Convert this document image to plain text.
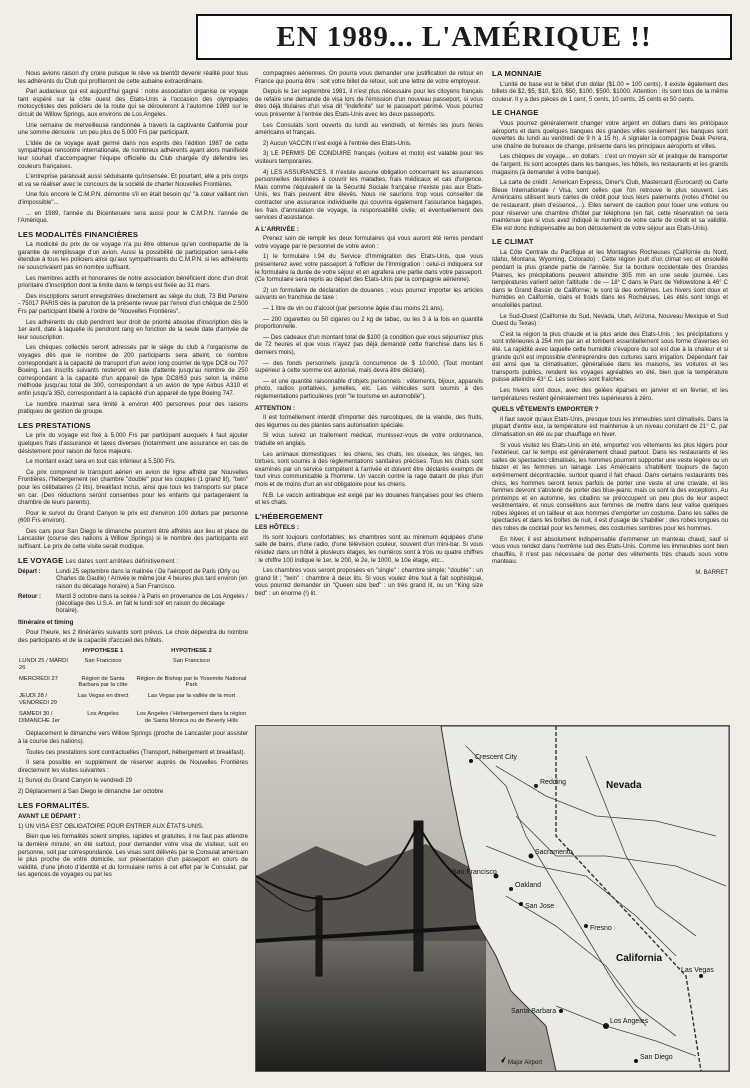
EN 1989... L'AMÉRIQUE !!

Nous avions raison d'y croire puisque le rêve va bientôt devenir réalité pour tous les adhérents du Club qui profiteront de cette aubaine extraordinaire.

Pari audacieux qui est aujourd'hui gagné : notre association organise ce voyage tant espéré sur la côte ouest des Etats-Unis à l'occasion des olympiades motocyclistes des policiers de la route qui se dérouleront à l'automne 1989 sur le circuit de Willow Springs, aux environs de Los Angeles.

Une semaine de merveilleuse randonnée à travers la captivante Californie pour une somme dérisoire : un peu plus de 5.000 Frs par participant.

L'idée de ce voyage avait germé dans nos esprits dès l'édition 1987 de cette sympathique rencontre internationale, de nombreux adhérents ayant alors manifesté leur souhait d'accompagner l'équipe officielle du Club chargée d'y défendre les couleurs françaises.

L'entreprise paraissait aussi séduisante qu'insensée. Et pourtant, elle a pris corps et va se réaliser avec le concours de la société de charter Nouvelles Frontières.

Une fois encore le C.M.P.N. démontre s'il en était besoin qu' "à cœur vaillant rien d'impossible"...

... en 1989, l'année du Bicentenaire sera aussi pour le C.M.P.N. l'année de l'Amérique.

LES MODALITÉS FINANCIÈRES

La modicité du prix de ce voyage n'a pu être obtenue qu'en contrepartie de la garantie de remplissage d'un avion. Aussi la possibilité de participation sera-t-elle étendue à tous les policiers ainsi qu'aux sympathisants du C.M.P.N. si les adhérents ne souscrivaient pas en nombre suffisant.

Les membres actifs et honoraires de notre association bénéficient donc d'un droit prioritaire d'inscription dont la limite dans le temps est fixée au 31 mars.

Des inscriptions seront enregistrées directement au siège du club, 73 Bld Pereire - 75017 PARIS dès la parution de la présente revue par l'envoi d'un chèque de 2.500 Frs par participant libellé à l'ordre de "Nouvelles Frontières".

Les adhérents du club pendront leur droit de priorité absolue d'inscription dès le 1er avril, date à laquelle ils pendront rang en fonction de la seule date d'arrivée de leur souscription.

Les chèques collectés seront adressés par le siège du club à l'organisme de voyages dès que le nombre de 200 participants sera atteint, ce nombre correspondant à la capacité de transport d'un avion long courrier de type DC8 ou 707 Boeing. Les inscrits suivants resteront en liste d'attente jusqu'au nombre de 250 correspondant à la capacité d'un appareil de type DC8/63 puis selon la même méthode jusqu'au total de 300, correspondant à un avion de type Airbus A310 et enfin jusqu'à 350, correspondant à la capacité d'un appareil de type Boeing 747.

Le nombre maximal sera limité à environ 400 personnes pour des raisons pratiques de gestion de groupe.

LES PRESTATIONS

Le prix du voyage est fixé à 5.000 Frs par participant auxquels il faut ajouter quelques frais d'assurance et taxes diverses (notamment une assurance en cas de désistement pour raison de force majeure.

Le montant exact sera en tout cas inférieur à 5.500 Frs.

Ce prix comprend le transport aérien en avion de ligne affrété par Nouvelles Frontières, l'hébergement (en chambre "double" pour les couples (1 grand lit), "twin" pour les célibataires (2 lits), breakfast inclus, ainsi que tous les transports sur place en car. (Des réductions seront consenties pour les enfants qui partageraient la chambre de leurs parents).

Pour le survol du Grand Canyon le prix est d'environ 100 dollars par personne (600 Frs environ).

Des cars pour San Diego le dimanche pourront être affrétés aux lieu et place de Lancaster (course des nations à Willow Springs) si le nombre des participants est suffisant. Le prix de cette visite serait modique.

LE VOYAGE Les dates sont arrêtées définitivement :
Départ :	Lundi 25 septembre dans la matinée / De l'aéroport de Paris (Orly ou Charles de Gaulle) / Arrivée le même jour 4 heures plus tard environ (en raison du décalage horaire) à San Francisco.
Retour :	Mardi 3 octobre dans la soirée / à Paris en provenance de Los Angeles / (décollage des U.S.A. en fait le lundi soir en raison du décalage horaire).
Itinéraire et timing

Pour l'heure, les 2 itinéraires suivants sont prévus. Le choix dépendra du nombre des participants et de la capacité d'accueil des hôtels.

	HYPOTHESE 1	HYPOTHESE 2
LUNDI 25 / MARDI 26	San Francisco	San Francisco
MERCREDI 27	Région de Santa Barbara par la côte	Région de Bishop par le Yosemite National Park
JEUDI 28 / VENDREDI 29	Las Vegas en direct	Las Vegas par la vallée de la mort
SAMEDI 30 / DIMANCHE 1er	Los Angeles	Los Angeles / Hébergement dans la région de Santa Monica ou de Beverly Hills

Déplacement le dimanche vers Willow Springs (proche de Lancaster pour assister à la course des nations).

Toutes ces prestations sont contractuelles (Transport, hébergement et breakfast).

Il sera possible en supplément de réserver auprès de Nouvelles Frontières directement les visites suivantes :

1) Survol du Grand Canyon le vendredi 29

2) Déplacement à San Diego le dimanche 1er octobre

LES FORMALITÉS.
AVANT LE DÉPART :

1) UN VISA EST OBLIGATOIRE POUR ENTRER AUX ÉTATS-UNIS.

Bien que les formalités soient simples, rapides et gratuites, il ne faut pas attendre la dernière minute, en été surtout, pour demander votre visa de visiteur, soit en personne, soit par correspondance. Les visas sont délivrés par le Consulat américain le plus proche de votre domicile, sur présentation d'un passeport en cours de validité, d'une photo d'identité et du formulaire remis à cet effet par le Consulat, par les agences de voyages ou par les

compagnies aériennes. On pourra vous demander une justification de retour en France qui pourra être : soit votre billet de retour, soit une lettre de votre employeur.

Depuis le 1er septembre 1981, il n'est plus nécessaire pour les citoyens français de refaire une demande de visa lors de l'émission d'un nouveau passeport, si vous êtes déjà titulaires d'un visa dit "indefinite" sur le passeport périmé. Vous pourrez vous présenter à l'entrée des Etats-Unis avec les deux passeports.

Les Consulats sont ouverts du lundi au vendredi, et fermés les jours fériés américains et français.

2) Aucun VACCIN n'est exigé à l'entrée des Etats-Unis.

3) LE PERMIS DE CONDUIRE français (voiture et moto) est valable pour les visiteurs temporaires.

4) LES ASSURANCES. Il n'existe aucune obligation concernant les assurances personnelles destinées à couvrir les maladies, frais médicaux et cas d'urgence. Mais comme l'équivalent de la Sécurité Sociale française n'existe pas aux Etats-Unis, les frais peuvent être élevés. Nous ne saurions trop vous conseiller de contracter une assurance individuelle qui couvrira également l'assurance bagages, les frais d'annulation de voyage, la responsabilité civile, et éventuellement des services d'assistance.

A L'ARRIVÉE :

Prenez soin de remplir les deux formulaires qui vous auront été remis pendant votre voyage par le personnel de votre avion :

1) le formulaire I.94 du Service d'Immigration des Etats-Unis, que vous présenterez avec votre passeport à l'officier de l'Immigration : celui-ci indiquera sur le formulaire la durée de votre séjour et en agrafera une partie dans votre passeport. (Ce formulaire sera repris au départ des Etats-Unis par la compagnie aérienne).

2) un formulaire de déclaration de douanes ; vous pourrez importer les articles suivants en franchise de taxe :

— 1 litre de vin ou d'alcool (par personne âgée d'au moins 21 ans),

— 200 cigarettes ou 50 cigares ou 2 kg de tabac, ou les 3 à la fois en quantité proportionnelle.

— Des cadeaux d'un montant total de $100 (à condition que vous séjourniez plus de 72 heures et que vous n'ayez pas déjà demandé cette franchise dans les 6 derniers mois),

— des fonds personnels jusqu'à concurrence de $ 10.000. (Tout montant supérieur à cette somme est autorisé, mais devra être déclaré).

— et une quantité raisonnable d'objets personnels : vêtements, bijoux, appareils photo, radios portatives, jumelles, etc. Les véhicules sont soumis à des réglementations particulières (voir "le tourisme en automobile").

ATTENTION :

Il est formellement interdit d'importer des narcotiques, de la viande, des fruits, des légumes ou des plantes sans autorisation spéciale.

Si vous suivez un traitement médical, munissez-vous de votre ordonnance, traduite en anglais.

Les animaux domestiques : les chiens, les chats, les oiseaux, les singes, les tortues, sont soumis à des réglementations sanitaires précises. Tous les chats sont examinés par un service compétent à l'arrivée et doivent être déclarés exempts de tout virus communicable à l'homme. Un vaccin contre la rage datant de plus d'un mois et de moins d'un an est obligatoire pour les chiens.

N.B. Le vaccin antirabique est exigé par les douanes françaises pour les chiens et les chats.

L'HÉBERGEMENT
LES HÔTELS :

Ils sont toujours confortables; les chambres sont au minimum équipées d'une salle de bains, d'une radio, d'une télévision couleur, souvent d'un mini-bar. Si vous résidez dans un hôtel à plusieurs étages, les numéros sont à trois ou quatre chiffres : le chiffre 100 indique le 1er, le 200, le 2e, le 1000, le 10e étage, etc...

Les chambres vous seront proposées en "single" : chambre simple; "double" : un grand lit ; "twin" : chambre à deux lits. Si vous voulez être tout à fait sophistiqué, vous pourrez demander un "Queen size bed" : un très grand lit, ou un "King size bed" : un énorme (!) lit.

LA MONNAIE

L'unité de base est le billet d'un dollar ($1.00 = 100 cents). Il existe également des billets de $2, $5, $10, $20, $50, $100, $500, $1000. Attention : ils sont tous de la même couleur. Il y a des pièces de 1 cent, 5 cents, 10 cents, 25 cents et 50 cents.

LE CHANGE

Vous pourrez généralement changer votre argent en dollars dans les principaux aéroports et dans quelques banques des grandes villes seulement (les banques sont ouvertes du lundi au vendredi de 9 h à 15 h). A signaler la compagnie Deak Perera, une chaîne de bureaux de change, présente dans les principaux aéroports et villes.

Les chèques de voyage... en dollars : c'est un moyen sûr et pratique de transporter de l'argent. Ils sont acceptés dans les banques, les hôtels, les restaurants et les grands magasins (à demander à votre banque).

La carte de crédit : American Express, Diner's Club, Mastercard (Eurocard) ou Carte Bleue Internationale / Visa, sont celles que l'on retrouve le plus souvent. Les Américains utilisent leurs cartes de crédit pour tous leurs paiements (notes d'hôtel ou de restaurant, plein d'essence,...). Elles servent de caution pour louer une voiture ou pour réserver une chambre d'hôtel par téléphone (en fait, cette réservation ne sera maintenue que si vous avez indiqué le numéro de votre carte de crédit et sa validité. Elle est donc indispensable au bon déroulement de votre séjour aux Etats-Unis).

LE CLIMAT

La Côte Centrale du Pacifique et les Montagnes Rocheuses (Californie du Nord, Idaho, Montana, Wyoming, Colorado) : Cette région jouit d'un climat sec et ensoleillé pendant la plus grande partie de l'année. Sur la bordure occidentale des Grandes Plaines, les précipitations peuvent atteindre 305 mm en une seule journée. Les températures varient selon l'altitude : de — 18° C dans le Parc de Yellowstone à 46° C dans le Grand Bassin de Californie; le sont là des extrêmes. Les hivers sont doux et humides en Californie, clairs et froids dans les Rocheuses. Les étés sont longs et ensoleillés partout.

Le Sud-Ouest (Californie du Sud, Nevada, Utah, Arizona, Nouveau Mexique et Sud Ouest du Texas) :

C'est la région la plus chaude et la plus aride des Etats-Unis ; les précipitations y sont inférieures à 254 mm par an et tombent essentiellement sous forme d'averses en été. La rapidité avec laquelle cette humidité s'évapore du sol est due à la chaleur et si grande qu'il est impossible d'entreprendre des cultures sans irrigation. Dépendant l'air est ainsi que la climatisation, généralisée dans les maisons, les voitures et les transports publics, rendent les voyages agréables en été, bien que la température puisse atteindre 43° C. Les soirées sont fraîches.

Les hivers sont doux, avec des gelées éparses en janvier et en février, et les températures restent généralement très supérieures à zéro.

QUELS VÊTEMENTS EMPORTER ?

Il faut savoir qu'aux Etats-Unis, presque tous les immeubles sont climatisés. Dans la plupart d'entre eux, la température est maintenue à un niveau constant de 21° C, par climatisation en été ou par chauffage en hiver.

Si vous visitez les Etats-Unis en été, emportez vos vêtements les plus légers pour l'extérieur, car le temps est généralement chaud partout. Dans les restaurants et les salles de spectacles climatisés, les hommes pourront supporter une veste légère ou un blazer et les femmes un lainage. Les Américains s'habillent toujours de façon extrêmement décontractée, surtout quand il fait chaud. Dans certains restaurants très chics, les hommes seront tenus parfois de porter une veste et une cravate, et les femmes devront s'abstenir de porter des blue-jeans; mais ce sont là des exceptions. Au printemps et en automne, les citadins se préoccupent un peu plus de leur aspect vestimentaire, et nous conseillons aux femmes de mettre dans leur valise quelques robes légères et un tailleur et aux hommes d'emporter un costume. Dans les salles de spectacles et dans les boîtes de nuit, il est d'usage de s'habiller : des robes longues ou des robes de cocktail pour les femmes, des costumes sombres pour les hommes.

En hiver, il est absolument indispensable d'emmener un manteau chaud, sauf si vous vous rendez dans l'extrême sud des Etats-Unis. Comme les immeubles sont bien chauffés, il n'est pas nécessaire de porter des vêtements très chauds sous votre manteau.

M. BARRET
Crescent City
Redding
Sacramento
San Francisco
Oakland
San Jose
Fresno
Santa Barbara
Los Angeles
San Diego
Las Vegas
Nevada
California
Major Airport
